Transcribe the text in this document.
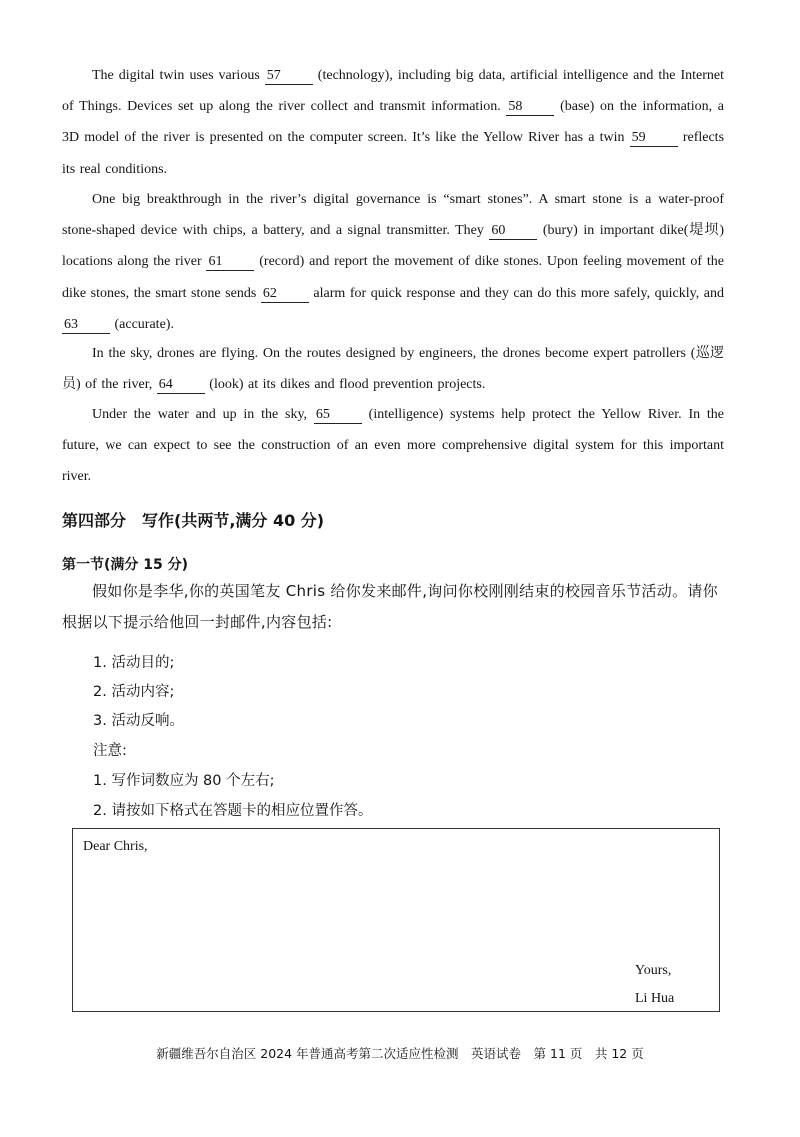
The digital twin uses various 57	(technology), including big data, artificial intelligence and the Internet of Things. Devices set up along the river collect and transmit information. 58	(base) on the information, a 3D model of the river is presented on the computer screen. It’s like the Yellow River has a twin 59	reflects its real conditions.

One big breakthrough in the river’s digital governance is “smart stones”. A smart stone is a water-proof stone-shaped device with chips, a battery, and a signal transmitter. They 60	(bury) in important dike(堤坝) locations along the river 61	(record) and report the movement of dike stones. Upon feeling movement of the dike stones, the smart stone sends 62	alarm for quick response and they can do this more safely, quickly, and 63	(accurate).

In the sky, drones are flying. On the routes designed by engineers, the drones become expert patrollers (巡逻员) of the river, 64	(look) at its dikes and flood prevention projects.

Under the water and up in the sky, 65	(intelligence) systems help protect the Yellow River. In the future, we can expect to see the construction of an even more comprehensive digital system for this important river.

第四部分　写作(共两节,满分 40 分)

第一节(满分 15 分)

假如你是李华,你的英国笔友 Chris 给你发来邮件,询问你校刚刚结束的校园音乐节活动。请你根据以下提示给他回一封邮件,内容包括:

1. 活动目的;

2. 活动内容;

3. 活动反响。

注意:

1. 写作词数应为 80 个左右;

2. 请按如下格式在答题卡的相应位置作答。

Dear Chris,

Yours,
Li Hua

新疆维吾尔自治区 2024 年普通高考第二次适应性检测　英语试卷　第 11 页　共 12 页
